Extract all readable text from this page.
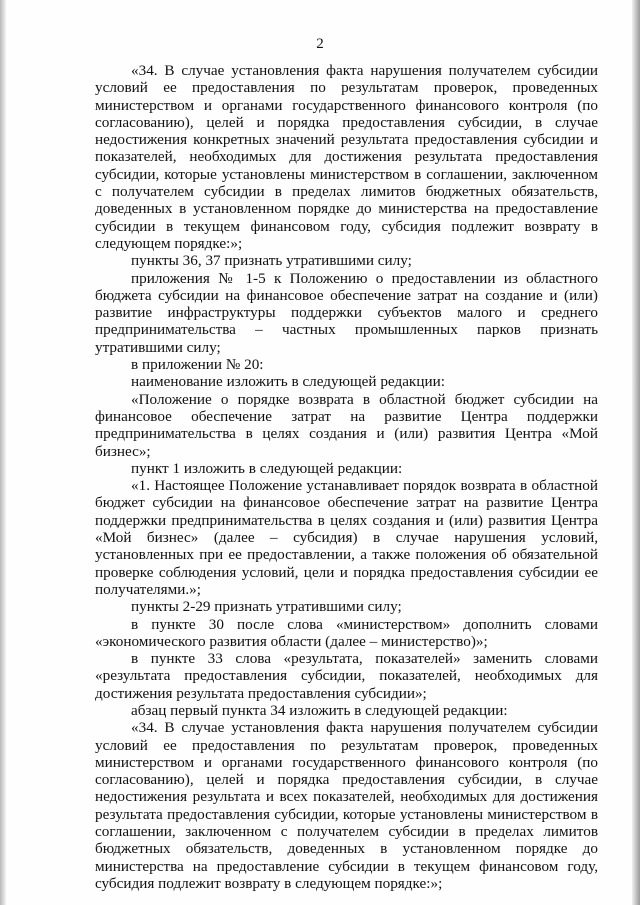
2

«34. В случае установления факта нарушения получателем субсидии условий ее предоставления по результатам проверок, проведенных министерством и органами государственного финансового контроля (по согласованию), целей и порядка предоставления субсидии, в случае недостижения конкретных значений результата предоставления субсидии и показателей, необходимых для достижения результата предоставления субсидии, которые установлены министерством в соглашении, заключенном с получателем субсидии в пределах лимитов бюджетных обязательств, доведенных в установленном порядке до министерства на предоставление субсидии в текущем финансовом году, субсидия подлежит возврату в следующем порядке:»;

пункты 36, 37 признать утратившими силу;

приложения № 1-5 к Положению о предоставлении из областного бюджета субсидии на финансовое обеспечение затрат на создание и (или) развитие инфраструктуры поддержки субъектов малого и среднего предпринимательства – частных промышленных парков признать утратившими силу;

в приложении № 20:

наименование изложить в следующей редакции:

«Положение о порядке возврата в областной бюджет субсидии на финансовое обеспечение затрат на развитие Центра поддержки предпринимательства в целях создания и (или) развития Центра «Мой бизнес»;

пункт 1 изложить в следующей редакции:

«1. Настоящее Положение устанавливает порядок возврата в областной бюджет субсидии на финансовое обеспечение затрат на развитие Центра поддержки предпринимательства в целях создания и (или) развития Центра «Мой бизнес» (далее – субсидия) в случае нарушения условий, установленных при ее предоставлении, а также положения об обязательной проверке соблюдения условий, цели и порядка предоставления субсидии ее получателями.»;

пункты 2-29 признать утратившими силу;

в пункте 30 после слова «министерством» дополнить словами «экономического развития области (далее – министерство)»;

в пункте 33 слова «результата, показателей» заменить словами «результата предоставления субсидии, показателей, необходимых для достижения результата предоставления субсидии»;

абзац первый пункта 34 изложить в следующей редакции:

«34. В случае установления факта нарушения получателем субсидии условий ее предоставления по результатам проверок, проведенных министерством и органами государственного финансового контроля (по согласованию), целей и порядка предоставления субсидии, в случае недостижения результата и всех показателей, необходимых для достижения результата предоставления субсидии, которые установлены министерством в соглашении, заключенном с получателем субсидии в пределах лимитов бюджетных обязательств, доведенных в установленном порядке до министерства на предоставление субсидии в текущем финансовом году, субсидия подлежит возврату в следующем порядке:»;
